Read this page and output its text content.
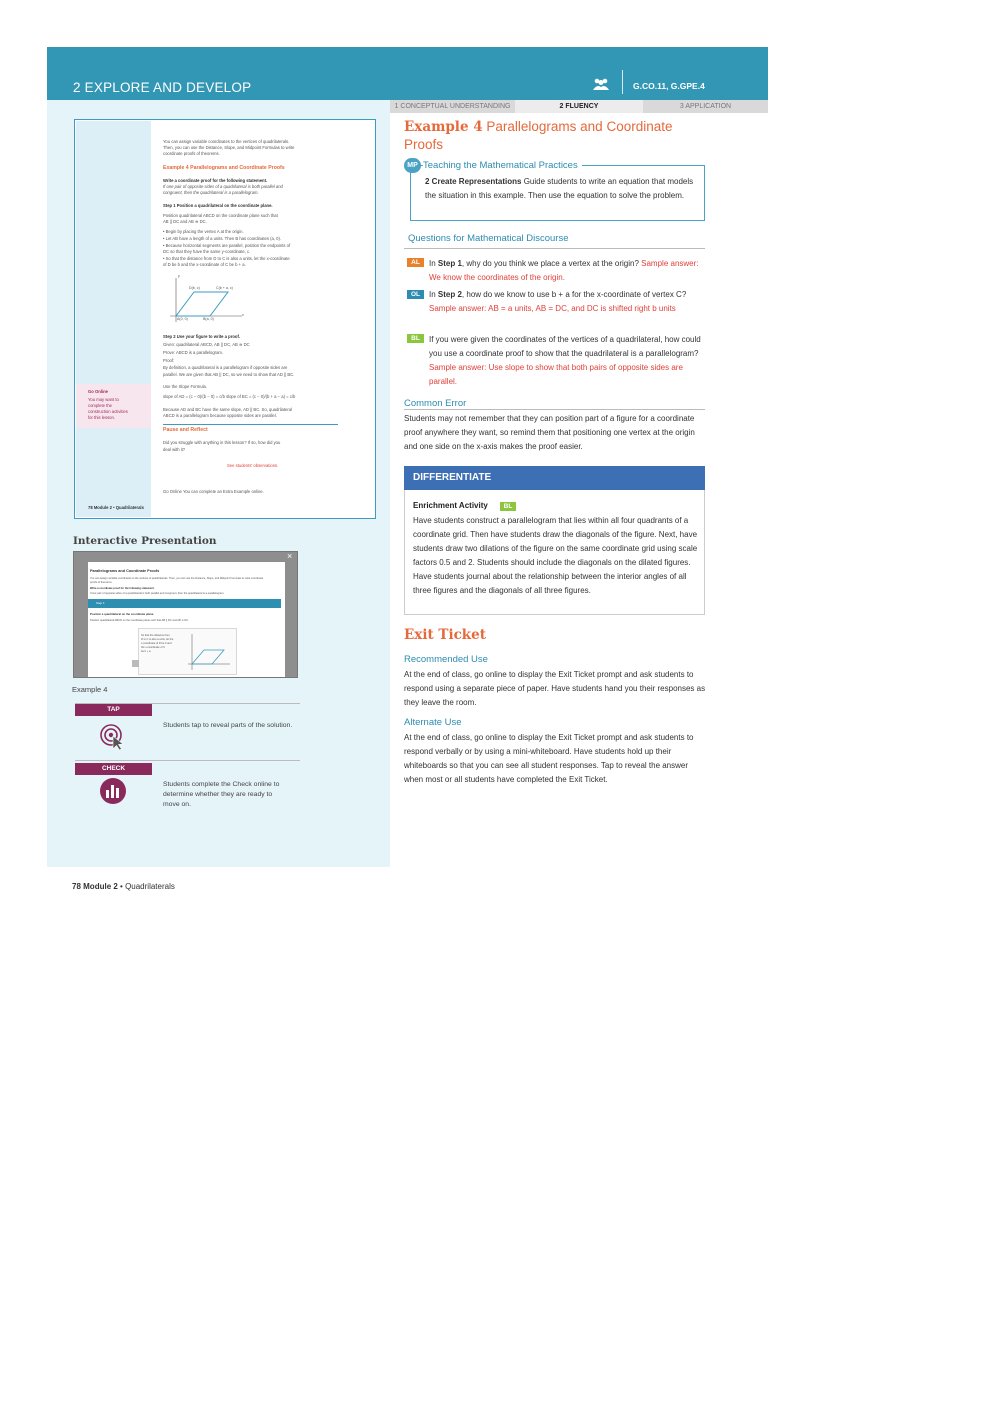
2 EXPLORE AND DEVELOP	G.CO.11, G.GPE.4
1 CONCEPTUAL UNDERSTANDING	2 FLUENCY	3 APPLICATION
You can assign variable coordinates to the vertices of quadrilaterals.
Then, you can use the Distance, Slope, and Midpoint Formulas to write
coordinate proofs of theorems.
Example 4 Parallelograms and Coordinate Proofs
Write a coordinate proof for the following statement.
If one pair of opposite sides of a quadrilateral is both parallel and
congruent, then the quadrilateral is a parallelogram.
Step 1 Position a quadrilateral on the coordinate plane.
Position quadrilateral ABCD on the coordinate plane such that
AB || DC and AB ≅ DC.
• Begin by placing the vertex A at the origin.
• Let AB have a length of a units. Then B has coordinates (a, 0).
• Because horizontal segments are parallel, position the endpoints of
DC so that they have the same y-coordinate, c.
• So that the distance from D to C is also a units, let the x-coordinate
of D be b and the x-coordinate of C be b + a.
D(b, c)	C(b + a, c)
A(0, 0)	B(a, 0)
x
y
Step 2 Use your figure to write a proof.
Given: quadrilateral ABCD, AB || DC, AB ≅ DC
Prove: ABCD is a parallelogram.
Proof:
By definition, a quadrilateral is a parallelogram if opposite sides are
parallel. We are given that AB || DC, so we need to show that AD || BC.
Use the Slope Formula.
slope of AD = (c − 0)/(b − 0) = c/b slope of BC = (c − 0)/(b + a − a) = c/b
Because AD and BC have the same slope, AD || BC. So, quadrilateral
ABCD is a parallelogram because opposite sides are parallel.
Pause and Reflect
Did you struggle with anything in this lesson? If so, how did you
deal with it?
See students' observations.
Go Online You can complete an Extra Example online.
78 Module 2 • Quadrilaterals
Go Online
You may want to
complete the
construction activities
for this lesson.
Interactive Presentation
×
Parallelograms and Coordinate Proofs
You can assign variable coordinates to the vertices of quadrilaterals. Then, you can use the Distance, Slope, and Midpoint Formulas to write coordinate
proofs of theorems.
Write a coordinate proof for the following statement.
If one pair of opposite sides of a quadrilateral is both parallel and congruent, then the quadrilateral is a parallelogram.
Step 1
Position a quadrilateral on the coordinate plane.
Position quadrilateral ABCD on the coordinate plane such that AB || DC and AB ≅ DC.
So that the distance from
D to C is also a units, let the
x-coordinate of D be b and
the x-coordinate of C
be b + a.
Example 4
TAP
Students tap to reveal parts of the solution.
CHECK
Students complete the Check online to
determine whether they are ready to
move on.
78 Module 2 • Quadrilaterals
Example 4 Parallelograms and Coordinate Proofs
MP Teaching the Mathematical Practices
2 Create Representations Guide students to write an equation that models the situation in this example. Then use the equation to solve the problem.
Questions for Mathematical Discourse
AL	In Step 1, why do you think we place a vertex at the origin? Sample answer: We know the coordinates of the origin.
OL	In Step 2, how do we know to use b + a for the x-coordinate of vertex C? Sample answer: AB = a units, AB = DC, and DC is shifted right b units
BL	If you were given the coordinates of the vertices of a quadrilateral, how could you use a coordinate proof to show that the quadrilateral is a parallelogram? Sample answer: Use slope to show that both pairs of opposite sides are parallel.
Common Error
Students may not remember that they can position part of a figure for a coordinate proof anywhere they want, so remind them that positioning one vertex at the origin and one side on the x-axis makes the proof easier.
DIFFERENTIATE
Enrichment Activity	BL
Have students construct a parallelogram that lies within all four quadrants of a coordinate grid. Then have students draw the diagonals of the figure. Next, have students draw two dilations of the figure on the same coordinate grid using scale factors 0.5 and 2. Students should include the diagonals on the dilated figures. Have students journal about the relationship between the interior angles of all three figures and the diagonals of all three figures.
Exit Ticket
Recommended Use
At the end of class, go online to display the Exit Ticket prompt and ask students to respond using a separate piece of paper. Have students hand you their responses as they leave the room.
Alternate Use
At the end of class, go online to display the Exit Ticket prompt and ask students to respond verbally or by using a mini-whiteboard. Have students hold up their whiteboards so that you can see all student responses. Tap to reveal the answer when most or all students have completed the Exit Ticket.
